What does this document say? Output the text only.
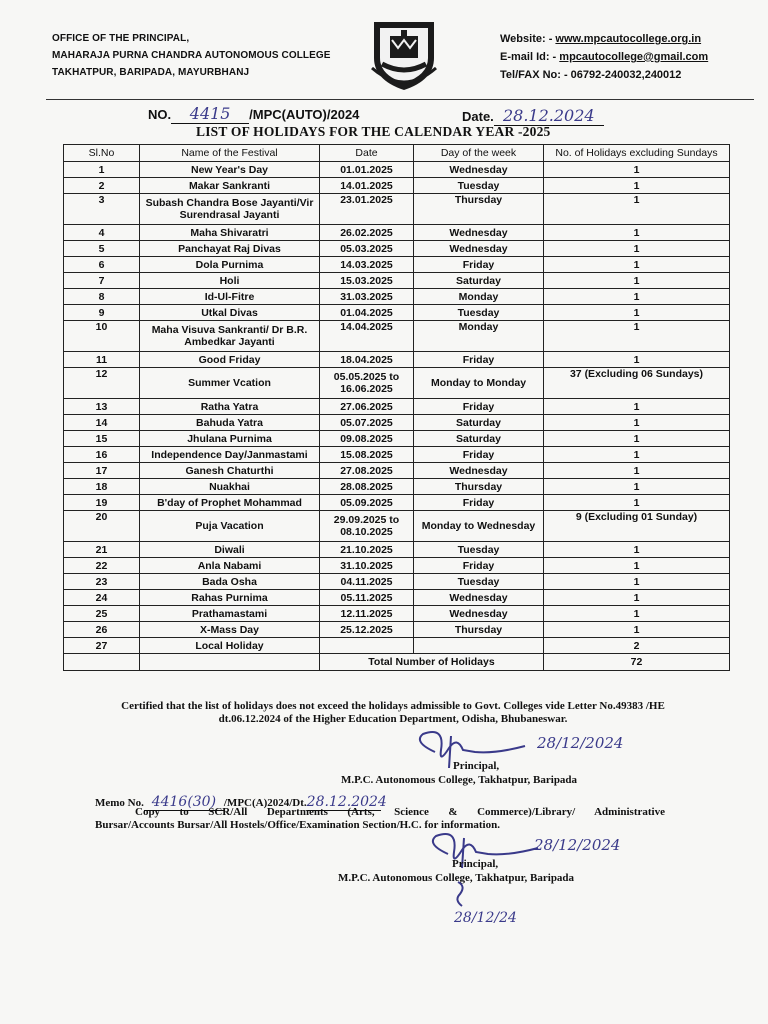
OFFICE OF THE PRINCIPAL,
MAHARAJA PURNA CHANDRA AUTONOMOUS COLLEGE
TAKHATPUR, BARIPADA, MAYURBHANJ
Website: - www.mpcautocollege.org.in
E-mail Id: - mpcautocollege@gmail.com
Tel/FAX No: - 06792-240032,240012
NO. 4415 /MPC(AUTO)/2024	Date. 28.12.2024
LIST OF HOLIDAYS FOR THE CALENDAR YEAR -2025
Sl.No	Name of the Festival	Date	Day of the week	No. of Holidays excluding Sundays
1	New Year's Day	01.01.2025	Wednesday	1
2	Makar Sankranti	14.01.2025	Tuesday	1
3	Subash Chandra Bose Jayanti/Vir Surendrasal Jayanti	23.01.2025	Thursday	1
4	Maha Shivaratri	26.02.2025	Wednesday	1
5	Panchayat Raj Divas	05.03.2025	Wednesday	1
6	Dola Purnima	14.03.2025	Friday	1
7	Holi	15.03.2025	Saturday	1
8	Id-Ul-Fitre	31.03.2025	Monday	1
9	Utkal Divas	01.04.2025	Tuesday	1
10	Maha Visuva Sankranti/ Dr B.R. Ambedkar Jayanti	14.04.2025	Monday	1
11	Good Friday	18.04.2025	Friday	1
12	Summer Vcation	05.05.2025 to 16.06.2025	Monday to Monday	37 (Excluding 06 Sundays)
13	Ratha Yatra	27.06.2025	Friday	1
14	Bahuda Yatra	05.07.2025	Saturday	1
15	Jhulana Purnima	09.08.2025	Saturday	1
16	Independence Day/Janmastami	15.08.2025	Friday	1
17	Ganesh Chaturthi	27.08.2025	Wednesday	1
18	Nuakhai	28.08.2025	Thursday	1
19	B'day of Prophet Mohammad	05.09.2025	Friday	1
20	Puja Vacation	29.09.2025 to 08.10.2025	Monday to Wednesday	9 (Excluding 01 Sunday)
21	Diwali	21.10.2025	Tuesday	1
22	Anla Nabami	31.10.2025	Friday	1
23	Bada Osha	04.11.2025	Tuesday	1
24	Rahas Purnima	05.11.2025	Wednesday	1
25	Prathamastami	12.11.2025	Wednesday	1
26	X-Mass Day	25.12.2025	Thursday	1
27	Local Holiday			2
		Total Number of Holidays		72
Certified that the list of holidays does not exceed the holidays admissible to Govt. Colleges vide Letter No.49383 /HE dt.06.12.2024 of the Higher Education Department, Odisha, Bhubaneswar.
28/12/2024
Principal,
M.P.C. Autonomous College, Takhatpur, Baripada
Memo No. 4416(30) /MPC(A)2024/Dt.28.12.2024
Copy to SCR/All Departments (Arts, Science & Commerce)/Library/ Administrative
Bursar/Accounts Bursar/All Hostels/Office/Examination Section/H.C. for information.
28/12/2024
Principal,
M.P.C. Autonomous College, Takhatpur, Baripada
28/12/24
